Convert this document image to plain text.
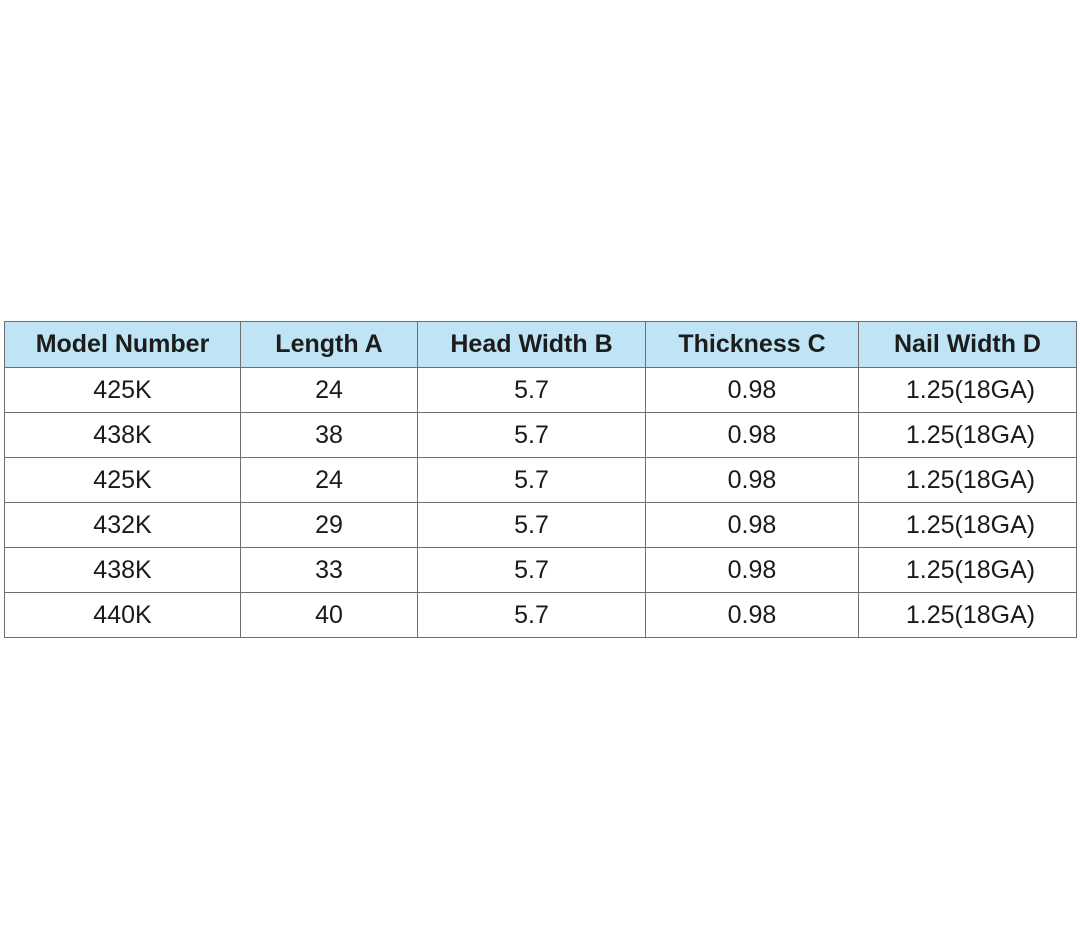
Model Number	Length A	Head Width B	Thickness C	Nail Width D
425K	24	5.7	0.98	1.25(18GA)
438K	38	5.7	0.98	1.25(18GA)
425K	24	5.7	0.98	1.25(18GA)
432K	29	5.7	0.98	1.25(18GA)
438K	33	5.7	0.98	1.25(18GA)
440K	40	5.7	0.98	1.25(18GA)
